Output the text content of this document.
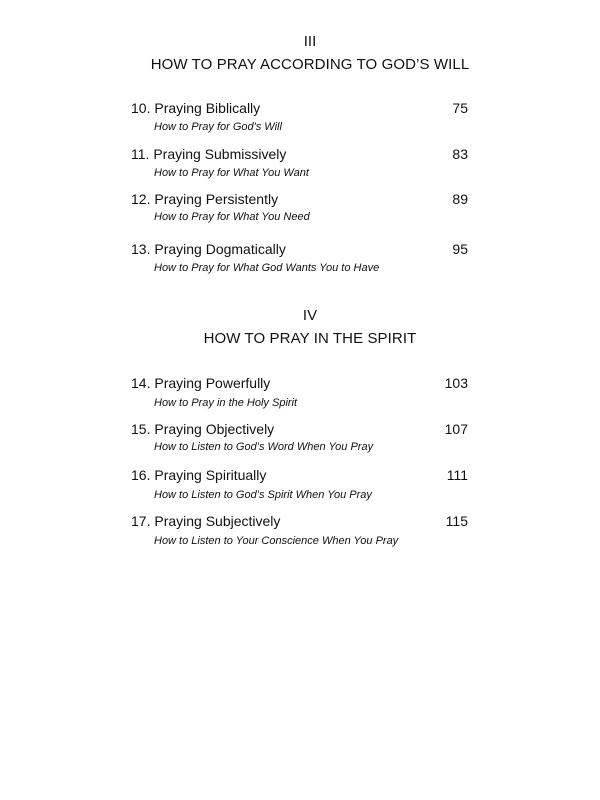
III
HOW TO PRAY ACCORDING TO GOD’S WILL
10. Praying Biblically	75
How to Pray for God's Will
11. Praying Submissively	83
How to Pray for What You Want
12. Praying Persistently	89
How to Pray for What You Need
13. Praying Dogmatically	95
How to Pray for What God Wants You to Have
IV
HOW TO PRAY IN THE SPIRIT
14. Praying Powerfully	103
How to Pray in the Holy Spirit
15. Praying Objectively	107
How to Listen to God’s Word When You Pray
16. Praying Spiritually	111
How to Listen to God’s Spirit When You Pray
17. Praying Subjectively	115
How to Listen to Your Conscience When You Pray
